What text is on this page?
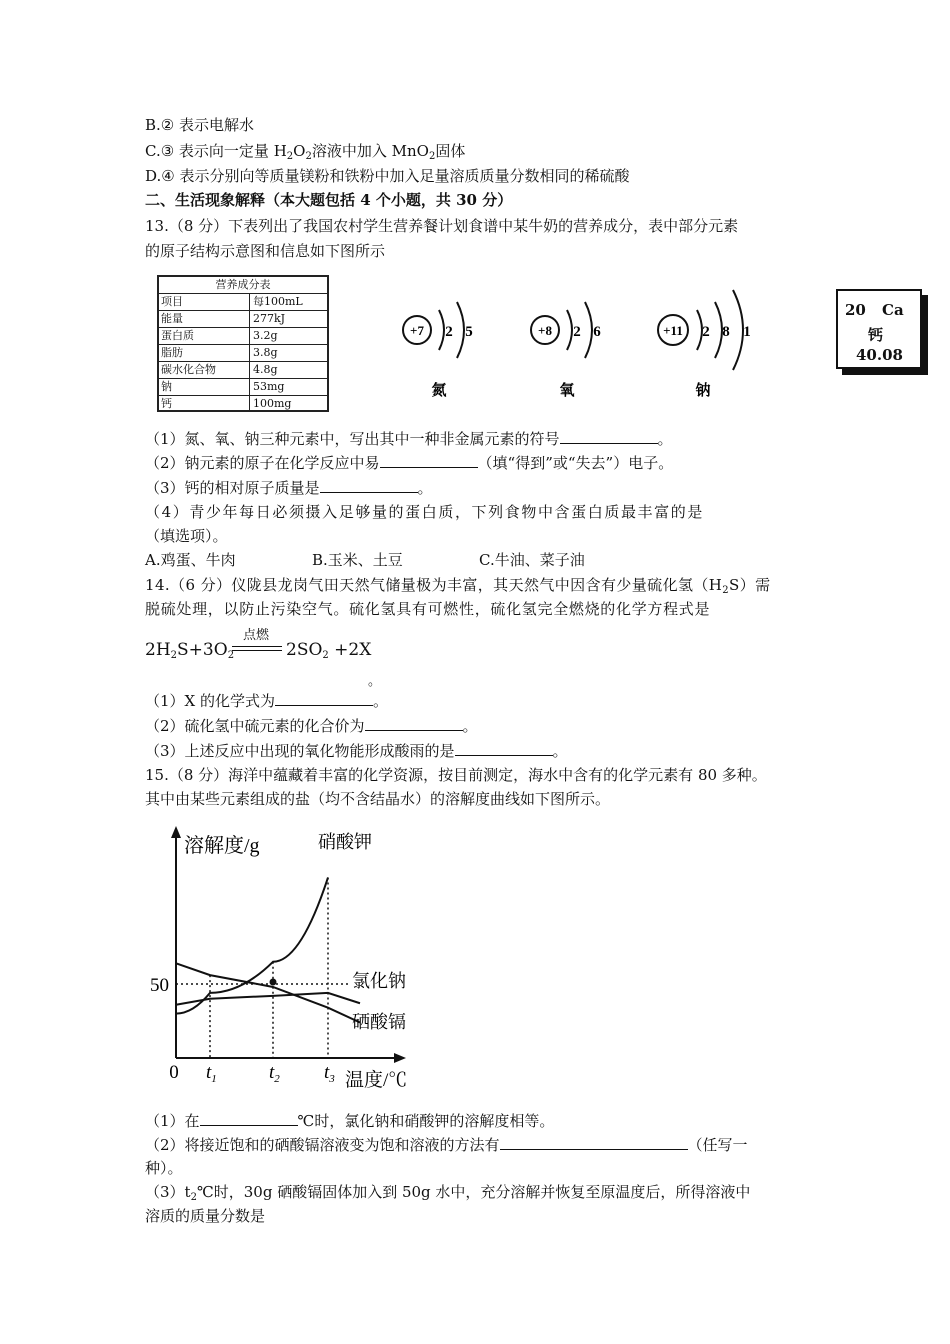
B.② 表示电解水
C.③ 表示向一定量 $H_2O_2$溶液中加入 MnO$_2$固体
D.④ 表示分别向等质量镁粉和铁粉中加入足量溶质质量分数相同的稀硫酸
二、生活现象解释（本大题包括 4 个小题，共 30 分）
13.（8 分）下表列出了我国农村学生营养餐计划食谱中某牛奶的营养成分，表中部分元素
的原子结构示意图和信息如下图所示
营养成分表
项目	每100mL
能量	277kJ
蛋白质	3.2g
脂肪	3.8g
碳水化合物	4.8g
钠	53mg
钙	100mg
+7 2 5
氮
+8 2 6
氧
+11 2 8 1
钠
20 Ca
钙
40.08
（1）氮、氧、钠三种元素中，写出其中一种非金属元素的符号	。
（2）钠元素的原子在化学反应中易	（填“得到”或“失去”）电子。
（3）钙的相对原子质量是	。
（4）青少年每日必须摄入足够量的蛋白质，下列食物中含蛋白质最丰富的是
（填选项）。
A.鸡蛋、牛肉	B.玉米、土豆	C.牛油、菜子油
14.（6 分）仪陇县龙岗气田天然气储量极为丰富，其天然气中因含有少量硫化氢$(H_2S)$需
脱硫处理，以防止污染空气。硫化氢具有可燃性，硫化氢完全燃烧的化学方程式是
$2H_2S+3O_2$
点燃
$2SO_2 +2X$
。
（1）X 的化学式为	。
（2）硫化氢中硫元素的化合价为	。
（3）上述反应中出现的氧化物能形成酸雨的是	。
15.（8 分）海洋中蕴藏着丰富的化学资源，按目前测定，海水中含有的化学元素有 80 多种。
其中由某些元素组成的盐（均不含结晶水）的溶解度曲线如下图所示。
溶解度/g
温度/℃
0 $t_1$	$t_2$ $t_3$
50
硝酸钾
氯化钠
硒酸镉
（1）在	℃时，氯化钠和硝酸钾的溶解度相等。
（2）将接近饱和的硒酸镉溶液变为饱和溶液的方法有	（任写一
种）。
$(3)t_2℃$时，30g 硒酸镉固体加入到 50g 水中，充分溶解并恢复至原温度后，所得溶液中
溶质的质量分数是
